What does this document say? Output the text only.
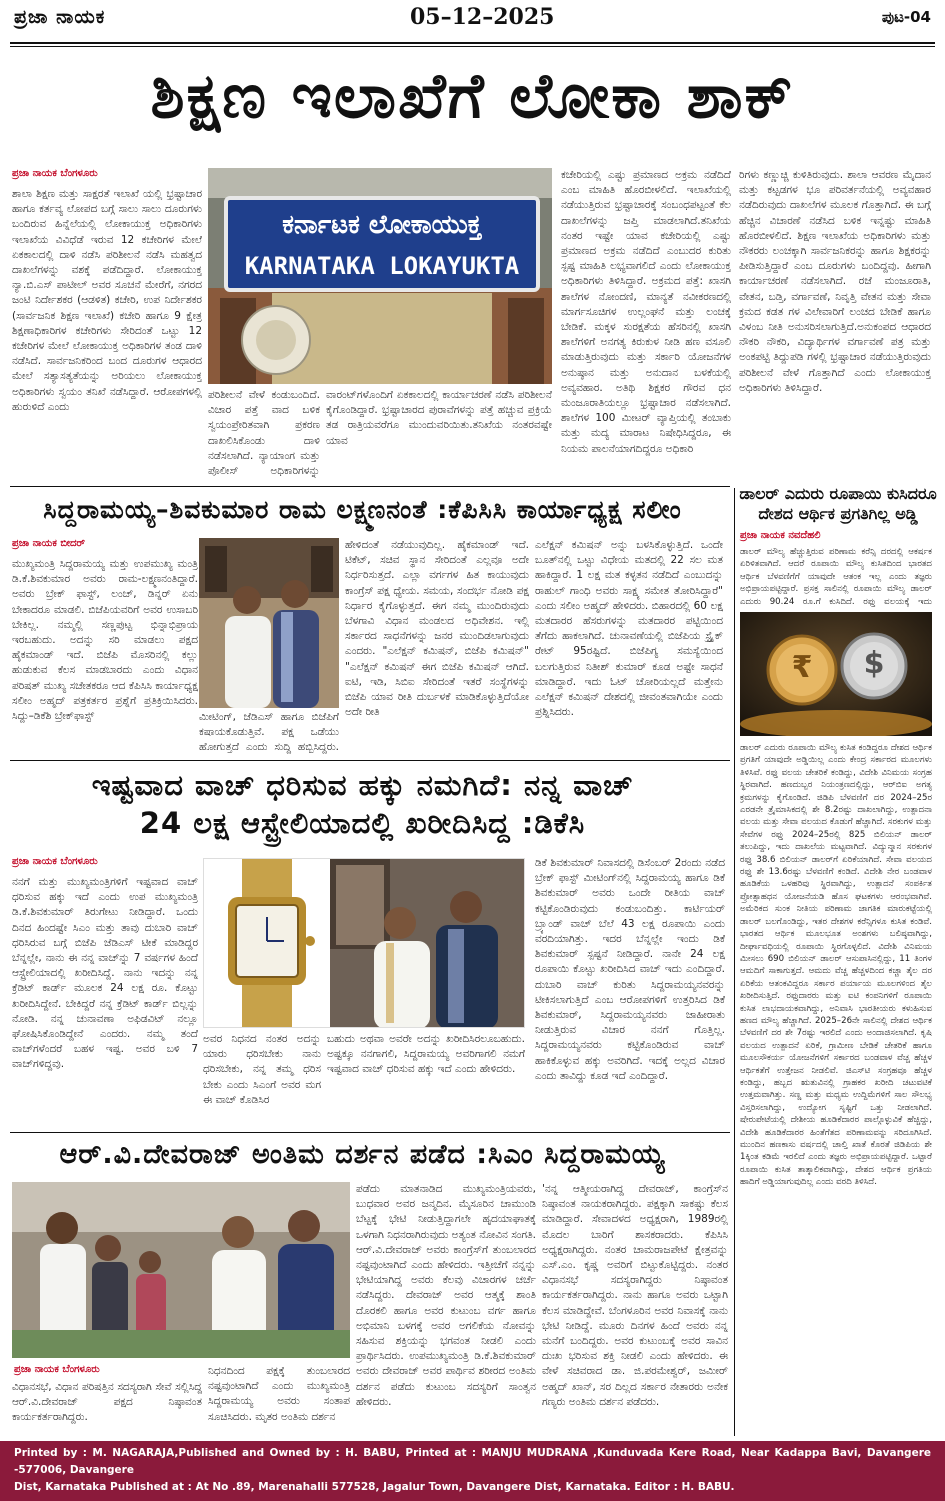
ಪ್ರಜಾ ನಾಯಕ	05–12–2025	ಪುಟ-04
ಶಿಕ್ಷಣ ಇಲಾಖೆಗೆ ಲೋಕಾ ಶಾಕ್
ಪ್ರಜಾ ನಾಯಕ ಬೆಂಗಳೂರು
ಶಾಲಾ ಶಿಕ್ಷಣ ಮತ್ತು ಸಾಕ್ಷರತೆ ಇಲಾಖೆ ಯಲ್ಲಿ ಭ್ರಷ್ಟಾಚಾರ ಹಾಗೂ ಕರ್ತವ್ಯ ಲೋಪದ ಬಗ್ಗೆ ಸಾಲು ಸಾಲು ದೂರುಗಳು ಬಂದಿರುವ ಹಿನ್ನೆಲೆಯಲ್ಲಿ ಲೋಕಾಯುಕ್ತ ಅಧಿಕಾರಿಗಳು ಇಲಾಖೆಯ ವಿವಿಧೆಡೆ ಇರುವ 12 ಕಚೇರಿಗಳ ಮೇಲೆ ಏಕಕಾಲದಲ್ಲಿ ದಾಳಿ ನಡೆಸಿ ಪರಿಶೀಲನೆ ನಡೆಸಿ ಮಹತ್ವದ ದಾಖಲೆಗಳನ್ನು ವಶಕ್ಕೆ ಪಡೆದಿದ್ದಾರೆ. ಲೋಕಾಯುಕ್ತ ನ್ಯಾ.ಬಿ.ಎಸ್ ಪಾಟೀಲ್ ಅವರ ಸೂಚನೆ ಮೇರೆಗೆ, ನಗರದ ಜಂಟಿ ನಿರ್ದೇಶಕರ (ಆಡಳಿತ) ಕಚೇರಿ, ಉಪ ನಿರ್ದೇಶಕರ (ಸಾರ್ವಜನಿಕ ಶಿಕ್ಷಣ ಇಲಾಖೆ) ಕಚೇರಿ ಹಾಗೂ 9 ಕ್ಷೇತ್ರ ಶಿಕ್ಷಣಾಧಿಕಾರಿಗಳ ಕಚೇರಿಗಳು ಸೇರಿದಂತೆ ಒಟ್ಟು 12 ಕಚೇರಿಗಳ ಮೇಲೆ ಲೋಕಾಯುಕ್ತ ಅಧಿಕಾರಿಗಳ ತಂಡ ದಾಳಿ ನಡೆಸಿದೆ. ಸಾರ್ವಜನಿಕರಿಂದ ಬಂದ ದೂರುಗಳ ಆಧಾರದ ಮೇಲೆ ಸತ್ಯಾಸತ್ಯತೆಯನ್ನು ಅರಿಯಲು ಲೋಕಾಯುಕ್ತ ಅಧಿಕಾರಿಗಳು ಸ್ವಯಂ ತನಿಖೆ ನಡೆಸಿದ್ದಾರೆ. ಆರೋಪಗಳಲ್ಲಿ ಹುರುಳಿದೆ ಎಂದು
ಕರ್ನಾಟಕ ಲೋಕಾಯುಕ್ತ
KARNATAKA LOKAYUKTA
ಪರಿಶೀಲನೆ ವೇಳೆ ಕಂಡುಬಂದಿದೆ. ವಿಚಾರ ಪತ್ತೆ ವಾದ ಬಳಿಕ ಸ್ವಯಂಪ್ರೇರಿತವಾಗಿ ಪ್ರಕರಣ ದಾಖಲಿಸಿಕೊಂಡು ದಾಳಿ ನಡೆಸಲಾಗಿದೆ. ನ್ಯಾಯಾಂಗ ಮತ್ತು ಪೊಲೀಸ್ ಅಧಿಕಾರಿಗಳನ್ನು
ವಾರಂಟ್‌ಗಳೊಂದಿಗೆ ಏಕಕಾಲದಲ್ಲಿ ಕಾರ್ಯಾಚರಣೆ ನಡೆಸಿ ಪರಿಶೀಲನೆ ಕೈಗೊಂಡಿದ್ದಾರೆ. ಭ್ರಷ್ಟಾಚಾರದ ಪುರಾವೆಗಳನ್ನು ಪತ್ತೆ ಹಚ್ಚುವ ಪ್ರಕ್ರಿಯೆ ತಡ ರಾತ್ರಿಯವರೆಗೂ ಮುಂದುವರಿಯಿತು.ತನಿಖೆಯ ನಂತರವಷ್ಟೇ ಯಾವ
ಕಚೇರಿಯಲ್ಲಿ ಎಷ್ಟು ಪ್ರಮಾಣದ ಅಕ್ರಮ ನಡೆದಿದೆ ಎಂಬ ಮಾಹಿತಿ ಹೊರಬೀಳಲಿದೆ. ಇಲಾಖೆಯಲ್ಲಿ ನಡೆಯುತ್ತಿರುವ ಭ್ರಷ್ಟಾಚಾರಕ್ಕೆ ಸಂಬಂಧಪಟ್ಟಂತೆ ಕೆಲ ದಾಖಲೆಗಳನ್ನು ಜಪ್ತಿ ಮಾಡಲಾಗಿದೆ.ತನಿಖೆಯ ನಂತರ ಇಷ್ಟೇ ಯಾವ ಕಚೇರಿಯಲ್ಲಿ ಎಷ್ಟು ಪ್ರಮಾಣದ ಅಕ್ರಮ ನಡೆದಿದೆ ಎಂಬುದರ ಕುರಿತು ಸ್ಪಷ್ಟ ಮಾಹಿತಿ ಲಭ್ಯವಾಗಲಿದೆ ಎಂದು ಲೋಕಾಯುಕ್ತ ಅಧಿಕಾರಿಗಳು ತಿಳಿಸಿದ್ದಾರೆ. ಅಕ್ರಮದ ಪತ್ತೆ: ಖಾಸಗಿ ಶಾಲೆಗಳ ನೋಂದಣಿ, ಮಾನ್ಯತೆ ನವೀಕರಣದಲ್ಲಿ ಮಾರ್ಗಸೂಚಿಗಳ ಉಲ್ಲಂಘನೆ ಮತ್ತು ಲಂಚಕ್ಕೆ ಬೇಡಿಕೆ. ಮಕ್ಕಳ ಸುರಕ್ಷತೆಯ ಹೆಸರಿನಲ್ಲಿ ಖಾಸಗಿ ಶಾಲೆಗಳಿಗೆ ಅನಗತ್ಯ ಕಿರುಕುಳ ನೀಡಿ ಹಣ ವಸೂಲಿ ಮಾಡುತ್ತಿರುವುದು ಮತ್ತು ಸರ್ಕಾರಿ ಯೋಜನೆಗಳ ಅನುಷ್ಠಾನ ಮತ್ತು ಅನುದಾನ ಬಳಕೆಯಲ್ಲಿ ಅವ್ಯವಹಾರ. ಅತಿಥಿ ಶಿಕ್ಷಕರ ಗೌರವ ಧನ ಮಂಜೂರಾತಿಯಲ್ಲೂ ಭ್ರಷ್ಟಾಚಾರ ನಡೆಸಲಾಗಿದೆ. ಶಾಲೆಗಳ 100 ಮೀಟರ್ ವ್ಯಾಪ್ತಿಯಲ್ಲಿ ತಂಬಾಕು ಮತ್ತು ಮದ್ಯ ಮಾರಾಟ ನಿಷೇಧಿಸಿದ್ದರೂ, ಈ ನಿಯಮ ಪಾಲನೆಯಾಗದಿದ್ದರೂ ಅಧಿಕಾರಿ
ರಿಗಳು ಕಣ್ಣುಚ್ಚಿ ಕುಳಿತಿರುವುದು. ಶಾಲಾ ಆವರಣ ಮೈದಾನ ಮತ್ತು ಕಟ್ಟಡಗಳ ಭೂ ಪರಿವರ್ತನೆಯಲ್ಲಿ ಅವ್ಯವಹಾರ ನಡೆದಿರುವುದು ದಾಖಲೆಗಳ ಮೂಲಕ ಗೊತ್ತಾಗಿದೆ. ಈ ಬಗ್ಗೆ ಹೆಚ್ಚಿನ ವಿಚಾರಣೆ ನಡೆಸಿದ ಬಳಿಕ ಇನ್ನಷ್ಟು ಮಾಹಿತಿ ಹೊರಬೀಳಲಿದೆ. ಶಿಕ್ಷಣ ಇಲಾಖೆಯ ಅಧಿಕಾರಿಗಳು ಮತ್ತು ನೌಕರರು ಲಂಚಕ್ಕಾಗಿ ಸಾರ್ವಜನಿಕರನ್ನು ಹಾಗೂ ಶಿಕ್ಷಕರನ್ನು ಪೀಡಿಸುತ್ತಿದ್ದಾರೆ ಎಂಬ ದೂರುಗಳು ಬಂದಿದ್ದವು. ಹೀಗಾಗಿ ಕಾರ್ಯಾಚರಣೆ ನಡೆಸಲಾಗಿದೆ. ರಜೆ ಮಂಜೂರಾತಿ, ವೇತನ, ಬಡ್ತಿ, ವರ್ಗಾವಣೆ, ನಿವೃತ್ತಿ ವೇತನ ಮತ್ತು ಸೇವಾ ಕ್ರಮದ ಕಡತ ಗಳ ವಿಲೇವಾರಿಗೆ ಲಂಚದ ಬೇಡಿಕೆ ಹಾಗೂ ವಿಳಂಬ ನೀತಿ ಅನುಸರಿಸಲಾಗುತ್ತಿದೆ.ಅನುಕಂಪದ ಆಧಾರದ ನೌಕರಿ ನೌಕರಿ, ವಿದ್ಯಾರ್ಥಿಗಳ ವರ್ಗಾವಣೆ ಪತ್ರ ಮತ್ತು ಅಂಕಪಟ್ಟಿ ತಿದ್ದುಪಡಿ ಗಳಲ್ಲಿ ಭ್ರಷ್ಟಾಚಾರ ನಡೆಯುತ್ತಿರುವುದು ಪರಿಶೀಲನೆ ವೇಳೆ ಗೊತ್ತಾಗಿದೆ ಎಂದು ಲೋಕಾಯುಕ್ತ ಅಧಿಕಾರಿಗಳು ತಿಳಿಸಿದ್ದಾರೆ.
ಸಿದ್ದರಾಮಯ್ಯ–ಶಿವಕುಮಾರ ರಾಮ ಲಕ್ಷ್ಮಣನಂತೆ :ಕೆಪಿಸಿಸಿ ಕಾರ್ಯಾಧ್ಯಕ್ಷ ಸಲೀಂ
ಪ್ರಜಾ ನಾಯಕ ಬೀದರ್
ಮುಖ್ಯಮಂತ್ರಿ ಸಿದ್ದರಾಮಯ್ಯ ಮತ್ತು ಉಪಮುಖ್ಯ ಮಂತ್ರಿ ಡಿ.ಕೆ.ಶಿವಕುಮಾರ ಅವರು ರಾಮ-ಲಕ್ಷ್ಮಣನಂತಿದ್ದಾರೆ. ಅವರು ಬ್ರೇಕ್ ಫಾಸ್ಟ್, ಲಂಚ್, ಡಿನ್ನರ್ ಏನು ಬೇಕಾದರೂ ಮಾಡಲಿ. ಬಿಜೆಪಿಯವರಿಗೆ ಅವರ ಉಸಾಬರಿ ಬೇಕಿಲ್ಲ. ನಮ್ಮಲ್ಲಿ ಸಣ್ಣಪುಟ್ಟ ಭಿನ್ನಾಭಿಪ್ರಾಯ ಇರಬಹುದು. ಅದನ್ನು ಸರಿ ಮಾಡಲು ಪಕ್ಷದ ಹೈಕಮಾಂಡ್ ಇದೆ. ಬಿಜೆಪಿ ಮೊಸರಿನಲ್ಲಿ ಕಲ್ಲು ಹುಡುಕುವ ಕೆಲಸ ಮಾಡಬಾರದು ಎಂದು ವಿಧಾನ ಪರಿಷತ್ ಮುಖ್ಯ ಸಚೇತಕರೂ ಆದ ಕೆಪಿಸಿಸಿ ಕಾರ್ಯಾಧ್ಯಕ್ಷ ಸಲೀಂ ಅಹ್ಮದ್ ಪತ್ರಕರ್ತರ ಪ್ರಶ್ನೆಗೆ ಪ್ರತಿಕ್ರಿಯಿಸಿದರು. ಸಿದ್ದು–ಡಿಕೆಶಿ ಬ್ರೇಕ್‌ಫಾಸ್ಟ್	ಮೀಟಿಂಗ್, ಜೆಡಿಎಸ್ ಹಾಗೂ ಬಿಜೆಪಿಗೆ ಕಷಾಯಕೊಡುತ್ತಿವೆ. ಪಕ್ಷ ಒಡೆಯು ಹೋಗುತ್ತದೆ ಎಂದು ಸುದ್ದಿ ಹಬ್ಬಿಸಿದ್ದರು.
ಹೇಳಿದಂತೆ ನಡೆಯುವುದಿಲ್ಲ. ಹೈಕಮಾಂಡ್ ಇದೆ. ಟಿಕೆಟ್, ಸಚಿವ ಸ್ಥಾನ ಸೇರಿದಂತೆ ಎಲ್ಲವೂ ಅದೇ ನಿರ್ಧರಿಸುತ್ತದೆ. ಎಲ್ಲಾ ವರ್ಗಗಳ ಹಿತ ಕಾಯುವುದು ಕಾಂಗ್ರೆಸ್ ಪಕ್ಷ ಧ್ಯೇಯ. ಸಮಯ, ಸಂದರ್ಭ ನೋಡಿ ಪಕ್ಷ ನಿರ್ಧಾರ ಕೈಗೊಳ್ಳುತ್ತದೆ. ಈಗ ನಮ್ಮ ಮುಂದಿರುವುದು ಬೆಳಗಾವಿ ವಿಧಾನ ಮಂಡಲದ ಅಧಿವೇಶನ. ಇಲ್ಲಿ ಸರ್ಕಾರದ ಸಾಧನೆಗಳನ್ನು ಜನರ ಮುಂದಿಡಲಾಗುವುದು ಎಂದರು. "ಎಲೆಕ್ಷನ್ ಕಮಿಷನ್, ಬಿಜೆಪಿ ಕಮಿಷನ್" "ಎಲೆಕ್ಷನ್ ಕಮಿಷನ್ ಈಗ ಬಿಜೆಪಿ ಕಮಿಷನ್ ಆಗಿದೆ. ಐಟಿ, ಇಡಿ, ಸಿಬಿಐ ಸೇರಿದಂತೆ ಇತರೆ ಸಂಸ್ಥೆಗಳನ್ನು ಬಿಜೆಪಿ ಯಾವ ರೀತಿ ದುರ್ಬಳಕೆ ಮಾಡಿಕೊಳ್ಳುತ್ತಿದೆಯೋ ಅದೇ ರೀತಿ
ಎಲೆಕ್ಷನ್ ಕಮಿಷನ್ ಅನ್ನು ಬಳಸಿಕೊಳ್ಳುತ್ತಿದೆ. ಒಂದೇ ಬೂತ್‌ನಲ್ಲಿ ಒಟ್ಟು ವಿಧೇಯ ಮತದಲ್ಲಿ 22 ಸಲ ಮತ ಹಾಕಿದ್ದಾರೆ. 1 ಲಕ್ಷ ಮತ ಕಳ್ಳತನ ನಡೆದಿದೆ ಎಂಬುದನ್ನು ರಾಹುಲ್ ಗಾಂಧಿ ಅವರು ಸಾಕ್ಷ್ಯ ಸಮೇತ ತೋರಿಸಿದ್ದಾರೆ" ಎಂದು ಸಲೀಂ ಅಹ್ಮದ್ ಹೇಳಿದರು. ಬಿಹಾರದಲ್ಲಿ 60 ಲಕ್ಷ ಮತದಾರರ ಹೆಸರುಗಳನ್ನು ಮತದಾರರ ಪಟ್ಟಿಯಿಂದ ತೆಗೆದು ಹಾಕಲಾಗಿದೆ. ಚುನಾವಣೆಯಲ್ಲಿ ಬಿಜೆಪಿಯ ಸ್ಟ್ರೈಕ್ ರೇಟ್ 95ರಷ್ಟಿದೆ. ಬಿಜೆಪಿಗ್ಯ ಸಮಸ್ಯೆಯಿಂದ ಬಲಗುತ್ತಿರುವ ನಿತೀಶ್ ಕುಮಾರ್ ಕೂಡ ಅಷ್ಟೇ ಸಾಧನೆ ಮಾಡಿದ್ದಾರೆ. ಇದು ಓಟ್ ಚೋರಿಯಲ್ಲದೆ ಮತ್ತೇನು ಎಲೆಕ್ಷನ್ ಕಮಿಷನ್ ದೇಶದಲ್ಲಿ ಜೀವಂತವಾಗಿಯೇ ಎಂದು ಪ್ರಶ್ನಿಸಿದರು.
ಡಾಲರ್ ಎದುರು ರೂಪಾಯಿ ಕುಸಿದರೂ
ದೇಶದ ಆರ್ಥಿಕ ಪ್ರಗತಿಗಿಲ್ಲ ಅಡ್ಡಿ
ಪ್ರಜಾ ನಾಯಕ ನವದೆಹಲಿ
ಡಾಲರ್ ಮೌಲ್ಯ ಹೆಚ್ಚುತ್ತಿರುವ ಪರಿಣಾಮ ಕರೆನ್ಸಿ ದರದಲ್ಲಿ ಆಕರ್ಷಕ ಏರಿಳಿತವಾಗಿದೆ. ಆದರೆ ರೂಪಾಯಿ ಮೌಲ್ಯ ಕುಸಿತದಿಂದ ಭಾರತದ ಆರ್ಥಿಕ ಬೆಳವಣಿಗೆಗೆ ಯಾವುದೇ ಆತಂಕ ಇಲ್ಲ ಎಂದು ತಜ್ಞರು ಅಭಿಪ್ರಾಯಪಟ್ಟಿದ್ದಾರೆ. ಪ್ರಸಕ್ತ ಸಾಲಿನಲ್ಲಿ ರೂಪಾಯಿ ಮೌಲ್ಯ ಡಾಲರ್ ಎದುರು 90.24 ರೂ.ಗೆ ಕುಸಿದಿದೆ. ರಫ್ತು ವಲಯಕ್ಕೆ ಇದು
₹ $
ಡಾಲರ್ ಎದುರು ರೂಪಾಯಿ ಮೌಲ್ಯ ಕುಸಿತ ಕಂಡಿದ್ದರೂ ದೇಶದ ಆರ್ಥಿಕ ಪ್ರಗತಿಗೆ ಯಾವುದೇ ಅಡ್ಡಿಯಿಲ್ಲ ಎಂದು ಕೇಂದ್ರ ಸರ್ಕಾರದ ಮೂಲಗಳು ತಿಳಿಸಿವೆ. ರಫ್ತು ವಲಯ ಚೇತರಿಕೆ ಕಂಡಿದ್ದು, ವಿದೇಶಿ ವಿನಿಮಯ ಸಂಗ್ರಹ ಸ್ಥಿರವಾಗಿದೆ. ಹಣದುಬ್ಬರ ನಿಯಂತ್ರಣದಲ್ಲಿದ್ದು, ಆರ್‌ಬಿಐ ಅಗತ್ಯ ಕ್ರಮಗಳನ್ನು ಕೈಗೊಂಡಿದೆ. ಜಿಡಿಪಿ ಬೆಳವಣಿಗೆ ದರ 2024–25ರ ಎರಡನೇ ತ್ರೈಮಾಸಿಕದಲ್ಲಿ ಶೇ 8.2ರಷ್ಟು ದಾಖಲಾಗಿದ್ದು, ಉತ್ಪಾದನಾ ವಲಯ ಮತ್ತು ಸೇವಾ ವಲಯದ ಕೊಡುಗೆ ಹೆಚ್ಚಾಗಿದೆ. ಸರಕುಗಳ ಮತ್ತು ಸೇವೆಗಳ ರಫ್ತು 2024–25ರಲ್ಲಿ 825 ಬಿಲಿಯನ್ ಡಾಲರ್ ತಲುಪಿದ್ದು, ಇದು ದಾಖಲೆಯ ಮಟ್ಟವಾಗಿದೆ. ವಿದ್ಯುನ್ಮಾನ ಸರಕುಗಳ ರಫ್ತು 38.6 ಬಿಲಿಯನ್ ಡಾಲರ್‌ಗೆ ಏರಿಕೆಯಾಗಿದೆ. ಸೇವಾ ವಲಯದ ರಫ್ತು ಶೇ 13.6ರಷ್ಟು ಬೆಳವಣಿಗೆ ಕಂಡಿದೆ. ವಿದೇಶಿ ನೇರ ಬಂಡವಾಳ ಹೂಡಿಕೆಯ ಒಳಹರಿವು ಸ್ಥಿರವಾಗಿದ್ದು, ಉತ್ಪಾದನೆ ಸಂಪರ್ಕಿತ ಪ್ರೋತ್ಸಾಹಧನ ಯೋಜನೆಯಡಿ ಹೊಸ ಘಟಕಗಳು ಆರಂಭವಾಗಿವೆ. ಅಮೆರಿಕದ ಸುಂಕ ನೀತಿಯ ಪರಿಣಾಮ ಜಾಗತಿಕ ಮಾರುಕಟ್ಟೆಯಲ್ಲಿ ಡಾಲರ್ ಬಲಗೊಂಡಿದ್ದು, ಇತರ ದೇಶಗಳ ಕರೆನ್ಸಿಗಳೂ ಕುಸಿತ ಕಂಡಿವೆ. ಭಾರತದ ಆರ್ಥಿಕ ಮೂಲಭೂತ ಅಂಶಗಳು ಬಲಿಷ್ಠವಾಗಿದ್ದು, ದೀರ್ಘಾವಧಿಯಲ್ಲಿ ರೂಪಾಯಿ ಸ್ಥಿರಗೊಳ್ಳಲಿದೆ. ವಿದೇಶಿ ವಿನಿಮಯ ಮೀಸಲು 690 ಬಿಲಿಯನ್ ಡಾಲರ್ ಆಸುಪಾಸಿನಲ್ಲಿದ್ದು, 11 ತಿಂಗಳ ಆಮದಿಗೆ ಸಾಕಾಗುತ್ತದೆ. ಆಮದು ವೆಚ್ಚ ಹೆಚ್ಚಳದಿಂದ ಕಚ್ಚಾ ತೈಲ ದರ ಏರಿಕೆಯ ಆತಂಕವಿದ್ದರೂ ಸರ್ಕಾರ ಪರ್ಯಾಯ ಮೂಲಗಳಿಂದ ತೈಲ ಖರೀದಿಸುತ್ತಿದೆ. ರಫ್ತುದಾರರು ಮತ್ತು ಐಟಿ ಕಂಪನಿಗಳಿಗೆ ರೂಪಾಯಿ ಕುಸಿತ ಲಾಭದಾಯಕವಾಗಿದ್ದು, ಅನಿವಾಸಿ ಭಾರತೀಯರು ಕಳುಹಿಸುವ ಹಣದ ಮೌಲ್ಯ ಹೆಚ್ಚಾಗಿದೆ. 2025–26ನೇ ಸಾಲಿನಲ್ಲಿ ದೇಶದ ಆರ್ಥಿಕ ಬೆಳವಣಿಗೆ ದರ ಶೇ 7ರಷ್ಟು ಇರಲಿದೆ ಎಂದು ಅಂದಾಜಿಸಲಾಗಿದೆ. ಕೃಷಿ ವಲಯದ ಉತ್ಪಾದನೆ ಏರಿಕೆ, ಗ್ರಾಮೀಣ ಬೇಡಿಕೆ ಚೇತರಿಕೆ ಹಾಗೂ ಮೂಲಸೌಕರ್ಯ ಯೋಜನೆಗಳಿಗೆ ಸರ್ಕಾರದ ಬಂಡವಾಳ ವೆಚ್ಚ ಹೆಚ್ಚಳ ಆರ್ಥಿಕತೆಗೆ ಉತ್ತೇಜನ ನೀಡಲಿವೆ. ಜಿಎಸ್‌ಟಿ ಸಂಗ್ರಹವೂ ಹೆಚ್ಚಳ ಕಂಡಿದ್ದು, ಹಬ್ಬದ ಋತುವಿನಲ್ಲಿ ಗ್ರಾಹಕರ ಖರೀದಿ ಚಟುವಟಿಕೆ ಉತ್ತಮವಾಗಿತ್ತು. ಸಣ್ಣ ಮತ್ತು ಮಧ್ಯಮ ಉದ್ದಿಮೆಗಳಿಗೆ ಸಾಲ ಸೌಲಭ್ಯ ವಿಸ್ತರಿಸಲಾಗಿದ್ದು, ಉದ್ಯೋಗ ಸೃಷ್ಟಿಗೆ ಒತ್ತು ನೀಡಲಾಗಿದೆ. ಷೇರುಪೇಟೆಯಲ್ಲಿ ದೇಶೀಯ ಹೂಡಿಕೆದಾರರ ಪಾಲ್ಗೊಳ್ಳುವಿಕೆ ಹೆಚ್ಚಿದ್ದು, ವಿದೇಶಿ ಹೂಡಿಕೆದಾರರ ಹಿಂತೆಗೆತದ ಪರಿಣಾಮವನ್ನು ಸರಿದೂಗಿಸಿದೆ. ಮುಂದಿನ ಹಣಕಾಸು ವರ್ಷದಲ್ಲಿ ಚಾಲ್ತಿ ಖಾತೆ ಕೊರತೆ ಜಿಡಿಪಿಯ ಶೇ 1ಕ್ಕಿಂತ ಕಡಿಮೆ ಇರಲಿದೆ ಎಂದು ತಜ್ಞರು ಅಭಿಪ್ರಾಯಪಟ್ಟಿದ್ದಾರೆ. ಒಟ್ಟಾರೆ ರೂಪಾಯಿ ಕುಸಿತ ತಾತ್ಕಾಲಿಕವಾಗಿದ್ದು, ದೇಶದ ಆರ್ಥಿಕ ಪ್ರಗತಿಯ ಹಾದಿಗೆ ಅಡ್ಡಿಯಾಗುವುದಿಲ್ಲ ಎಂದು ವರದಿ ತಿಳಿಸಿದೆ.
ಇಷ್ಟವಾದ ವಾಚ್ ಧರಿಸುವ ಹಕ್ಕು ನಮಗಿದೆ: ನನ್ನ ವಾಚ್
24 ಲಕ್ಷ ಆಸ್ಟ್ರೇಲಿಯಾದಲ್ಲಿ ಖರೀದಿಸಿದ್ದ :ಡಿಕೆಸಿ
ಪ್ರಜಾ ನಾಯಕ ಬೆಂಗಳೂರು
ನನಗೆ ಮತ್ತು ಮುಖ್ಯಮಂತ್ರಿಗಳಿಗೆ ಇಷ್ಟವಾದ ವಾಚ್ ಧರಿಸುವ ಹಕ್ಕು ಇದೆ ಎಂದು ಉಪ ಮುಖ್ಯಮಂತ್ರಿ ಡಿ.ಕೆ.ಶಿವಕುಮಾರ್ ತಿರುಗೇಟು ನೀಡಿದ್ದಾರೆ. ಒಂದು ದಿನದ ಹಿಂದಷ್ಟೇ ಸಿಎಂ ಮತ್ತು ತಾವು ದುಬಾರಿ ವಾಚ್ ಧರಿಸಿರುವ ಬಗ್ಗೆ ಬಿಜೆಪಿ ಜೆಡಿಎಸ್ ಟೀಕೆ ಮಾಡಿದ್ದರ ಬೆನ್ನಲ್ಲೇ, ನಾನು ಈ ನನ್ನ ವಾಚ್‌ನ್ನು 7 ವರ್ಷಗಳ ಹಿಂದೆ ಆಸ್ಟ್ರೇಲಿಯಾದಲ್ಲಿ ಖರೀದಿಸಿದ್ದೆ. ನಾನು ಇದನ್ನು ನನ್ನ ಕ್ರೆಡಿಟ್ ಕಾರ್ಡ್ ಮೂಲಕ 24 ಲಕ್ಷ ರೂ. ಕೊಟ್ಟು ಖರೀದಿಸಿದ್ದೇನೆ. ಬೇಕಿದ್ದರೆ ನನ್ನ ಕ್ರೆಡಿಟ್ ಕಾರ್ಡ್ ಬಿಲ್ಲನ್ನು ನೋಡಿ. ನನ್ನ ಚುನಾವಣಾ ಅಫಿಡವಿಟ್ ನಲ್ಲೂ ಘೋಷಿಸಿಕೊಂಡಿದ್ದೇನೆ ಎಂದರು. ನಮ್ಮ ತಂದೆ ವಾಚ್‌ಗಳೆಂದರೆ ಬಹಳ ಇಷ್ಟ. ಅವರ ಬಳಿ 7 ವಾಚ್‌ಗಳಿದ್ದವು.
ಅವರ ನಿಧನದ ನಂತರ ಅದನ್ನು ಯಾರು ಧರಿಸಬೇಕು ನಾನು ಧರಿಸಬೇಕು, ನನ್ನ ತಮ್ಮ ಧರಿಸ ಬೇಕು ಎಂದು ಸಿಎಂಗೆ ಅವರ ಮಗ ಈ ವಾಚ್ ಕೊಡಿಸಿರ
ಬಹುದು ಅಥವಾ ಅವರೇ ಅದನ್ನು ಖರೀದಿಸಿರಲೂಬಹುದು. ಅಷ್ಟಕ್ಕೂ ನನಗಾಗಲಿ, ಸಿದ್ದರಾಮಯ್ಯ ಅವರಿಗಾಗಲಿ ನಮಗೆ ಇಷ್ಟವಾದ ವಾಚ್ ಧರಿಸುವ ಹಕ್ಕು ಇದೆ ಎಂದು ಹೇಳಿದರು.
ಡಿಕೆ ಶಿವಕುಮಾರ್ ನಿವಾಸದಲ್ಲಿ ಡಿಸೆಂಬರ್ 2ರಂದು ನಡೆದ ಬ್ರೇಕ್ ಫಾಸ್ಟ್ ಮೀಟಿಂಗ್‌ನಲ್ಲಿ ಸಿದ್ದರಾಮಯ್ಯ ಹಾಗೂ ಡಿಕೆ ಶಿವಕುಮಾರ್ ಅವರು ಒಂದೇ ರೀತಿಯ ವಾಚ್ ಕಟ್ಟಿಕೊಂಡಿರುವುದು ಕಂಡುಬಂದಿತ್ತು. ಕಾರ್ಟಿಯರ್ ಬ್ರ್ಯಾಂಡ್ ವಾಚ್ ಬೆಲೆ 43 ಲಕ್ಷ ರೂಪಾಯಿ ಎಂದು ವರದಿಯಾಗಿತ್ತು. ಇದರ ಬೆನ್ನಲ್ಲೇ ಇಂದು ಡಿಕೆ ಶಿವಕುಮಾರ್ ಸ್ಪಷ್ಟನೆ ನೀಡಿದ್ದಾರೆ. ನಾನೇ 24 ಲಕ್ಷ ರೂಪಾಯಿ ಕೊಟ್ಟು ಖರೀದಿಸಿದ ವಾಚ್ ಇದು ಎಂದಿದ್ದಾರೆ. ದುಬಾರಿ ವಾಚ್ ಕುರಿತು ಸಿದ್ದರಾಮಯ್ಯನವರನ್ನು ಟೀಕಿಸಲಾಗುತ್ತಿದೆ ಎಂಬ ಆರೋಪಗಳಿಗೆ ಉತ್ತರಿಸಿದ ಡಿಕೆ ಶಿವಕುಮಾರ್, ಸಿದ್ದರಾಮಯ್ಯನವರು ಜಾಹೀರಾತು ನೀಡುತ್ತಿರುವ ವಿಚಾರ ನನಗೆ ಗೊತ್ತಿಲ್ಲ. ಸಿದ್ದರಾಮಯ್ಯನವರು ಕಟ್ಟಿಕೊಂಡಿರುವ ವಾಚ್ ಹಾಕಿಕೊಳ್ಳುವ ಹಕ್ಕು ಅವರಿಗಿದೆ. ಇದಕ್ಕೆ ಅಲ್ಲದ ವಿಚಾರ ಎಂದು ತಾವಿದ್ದು ಕೂಡ ಇದೆ ಎಂದಿದ್ದಾರೆ.
ಆರ್.ವಿ.ದೇವರಾಜ್ ಅಂತಿಮ ದರ್ಶನ ಪಡೆದ :ಸಿಎಂ ಸಿದ್ದರಾಮಯ್ಯ
ಪ್ರಜಾ ನಾಯಕ ಬೆಂಗಳೂರು
ವಿಧಾನಸಭೆ, ವಿಧಾನ ಪರಿಷತ್ತಿನ ಸದಸ್ಯರಾಗಿ ಸೇವೆ ಸಲ್ಲಿಸಿದ್ದ ಆರ್.ವಿ.ದೇವರಾಜ್ ಪಕ್ಷದ ನಿಷ್ಠಾವಂತ ಕಾರ್ಯಕರ್ತರಾಗಿದ್ದರು.
ನಿಧನದಿಂದ ಪಕ್ಷಕ್ಕೆ ತುಂಬಲಾರದ ನಷ್ಟವುಂಟಾಗಿದೆ ಎಂದು ಮುಖ್ಯಮಂತ್ರಿ ಸಿದ್ದರಾಮಯ್ಯ ಅವರು ಸಂತಾಪ ಸೂಚಿಸಿದರು. ಮೃತರ ಅಂತಿಮ ದರ್ಶನ
ಪಡೆದು ಮಾತನಾಡಿದ ಮುಖ್ಯಮಂತ್ರಿಯವರು, ಬುಧವಾರ ಅವರ ಜನ್ಮದಿನ. ಮೈಸೂರಿನ ಚಾಮುಂಡಿ ಬೆಟ್ಟಕ್ಕೆ ಭೇಟಿ ನೀಡುತ್ತಿದ್ದಾಗಲೇ ಹೃದಯಾಘಾತಕ್ಕೆ ಒಳಗಾಗಿ ನಿಧನರಾಗಿರುವುದು ಅತ್ಯಂತ ನೋವಿನ ಸಂಗತಿ. ಆರ್.ವಿ.ದೇವರಾಜ್ ಅವರು ಕಾಂಗ್ರೆಸ್‌ಗೆ ತುಂಬಲಾರದ ನಷ್ಟವುಂಟಾಗಿದೆ ಎಂದು ಹೇಳಿದರು. ಇತ್ತೀಚೆಗೆ ನನ್ನನ್ನು ಭೇಟಿಯಾಗಿದ್ದ ಅವರು ಕೆಲವು ವಿಚಾರಗಳ ಚರ್ಚೆ ನಡೆಸಿದ್ದರು. ದೇವರಾಜ್ ಅವರ ಆತ್ಮಕ್ಕೆ ಶಾಂತಿ ದೊರಕಲಿ ಹಾಗೂ ಅವರ ಕುಟುಂಬ ವರ್ಗ ಹಾಗೂ ಅಭಿಮಾನಿ ಬಳಗಕ್ಕೆ ಅವರ ಅಗಲಿಕೆಯ ನೋವನ್ನು ಸಹಿಸುವ ಶಕ್ತಿಯನ್ನು ಭಗವಂತ ನೀಡಲಿ ಎಂದು ಪ್ರಾರ್ಥಿಸಿದರು. ಉಪಮುಖ್ಯಮಂತ್ರಿ ಡಿ.ಕೆ.ಶಿವಕುಮಾರ್ ಅವರು ದೇವರಾಜ್ ಅವರ ಪಾರ್ಥಿವ ಶರೀರದ ಅಂತಿಮ ದರ್ಶನ ಪಡೆದು ಕುಟುಂಬ ಸದಸ್ಯರಿಗೆ ಸಾಂತ್ವನ ಹೇಳಿದರು.
'ನನ್ನ ಆತ್ಮೀಯರಾಗಿದ್ದ ದೇವರಾಜ್, ಕಾಂಗ್ರೆಸ್‌ನ ನಿಷ್ಠಾವಂತ ನಾಯಕರಾಗಿದ್ದರು. ಪಕ್ಷಕ್ಕಾಗಿ ಸಾಕಷ್ಟು ಕೆಲಸ ಮಾಡಿದ್ದಾರೆ. ಸೇವಾದಳದ ಅಧ್ಯಕ್ಷರಾಗಿ, 1989ರಲ್ಲಿ ಮೊದಲ ಬಾರಿಗೆ ಶಾಸಕರಾದರು. ಕೆಪಿಸಿಸಿ ಅಧ್ಯಕ್ಷರಾಗಿದ್ದರು. ನಂತರ ಚಾಮರಾಜಪೇಟೆ ಕ್ಷೇತ್ರವನ್ನು ಎಸ್.ಎಂ. ಕೃಷ್ಣ ಅವರಿಗೆ ಬಿಟ್ಟುಕೊಟ್ಟಿದ್ದರು. ನಂತರ ವಿಧಾನಸಭೆ ಸದಸ್ಯರಾಗಿದ್ದರು ನಿಷ್ಠಾವಂತ ಕಾರ್ಯಕರ್ತರಾಗಿದ್ದರು. ನಾನು ಹಾಗೂ ಅವರು ಒಟ್ಟಾಗಿ ಕೆಲಸ ಮಾಡಿದ್ದೇವೆ. ಬೆಂಗಳೂರಿನ ಅವರ ನಿವಾಸಕ್ಕೆ ನಾನು ಭೇಟಿ ನೀಡಿದ್ದೆ. ಮೂರು ದಿನಗಳ ಹಿಂದೆ ಅವರು ನನ್ನ ಮನೆಗೆ ಬಂದಿದ್ದರು. ಅವರ ಕುಟುಂಬಕ್ಕೆ ಅವರ ಸಾವಿನ ದುಃಖ ಭರಿಸುವ ಶಕ್ತಿ ನೀಡಲಿ ಎಂದು ಹೇಳಿದರು. ಈ ವೇಳೆ ಸಚಿವರಾದ ಡಾ. ಜಿ.ಪರಮೇಶ್ವರ್, ಜಮೀರ್ ಅಹ್ಮದ್ ಖಾನ್, ಸರ ದಿಲ್ಲದ ಸರ್ಕಾರ ನೇತಾರರು ಅನೇಕ ಗಣ್ಯರು ಅಂತಿಮ ದರ್ಶನ ಪಡೆದರು.
Printed by : M. NAGARAJA,Published and Owned by : H. BABU, Printed at : MANJU MUDRANA ,Kunduvada Kere Road, Near Kadappa Bavi, Davangere -577006, Davangere
Dist, Karnataka Published at : At No .89, Marenahalli 577528, Jagalur Town, Davangere Dist, Karnataka. Editor : H. BABU.
